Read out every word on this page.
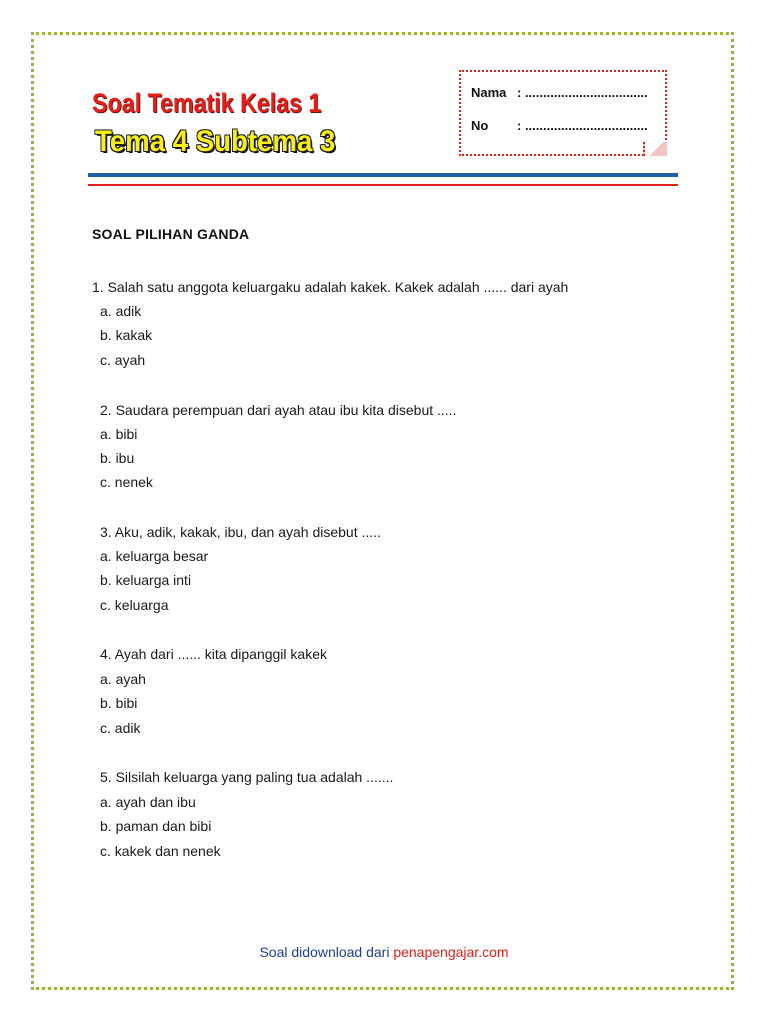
Soal Tematik Kelas 1
Tema 4 Subtema 3
Nama : ..................................
No : ..................................
SOAL PILIHAN GANDA
1. Salah satu anggota keluargaku adalah kakek. Kakek adalah ...... dari ayah
a. adik
b. kakak
c. ayah
2. Saudara perempuan dari ayah atau ibu kita disebut .....
a. bibi
b. ibu
c. nenek
3. Aku, adik, kakak, ibu, dan ayah disebut .....
a. keluarga besar
b. keluarga inti
c. keluarga
4. Ayah dari ...... kita dipanggil kakek
a. ayah
b. bibi
c. adik
5. Silsilah keluarga yang paling tua adalah .......
a. ayah dan ibu
b. paman dan bibi
c. kakek dan nenek
Soal didownload dari penapengajar.com
